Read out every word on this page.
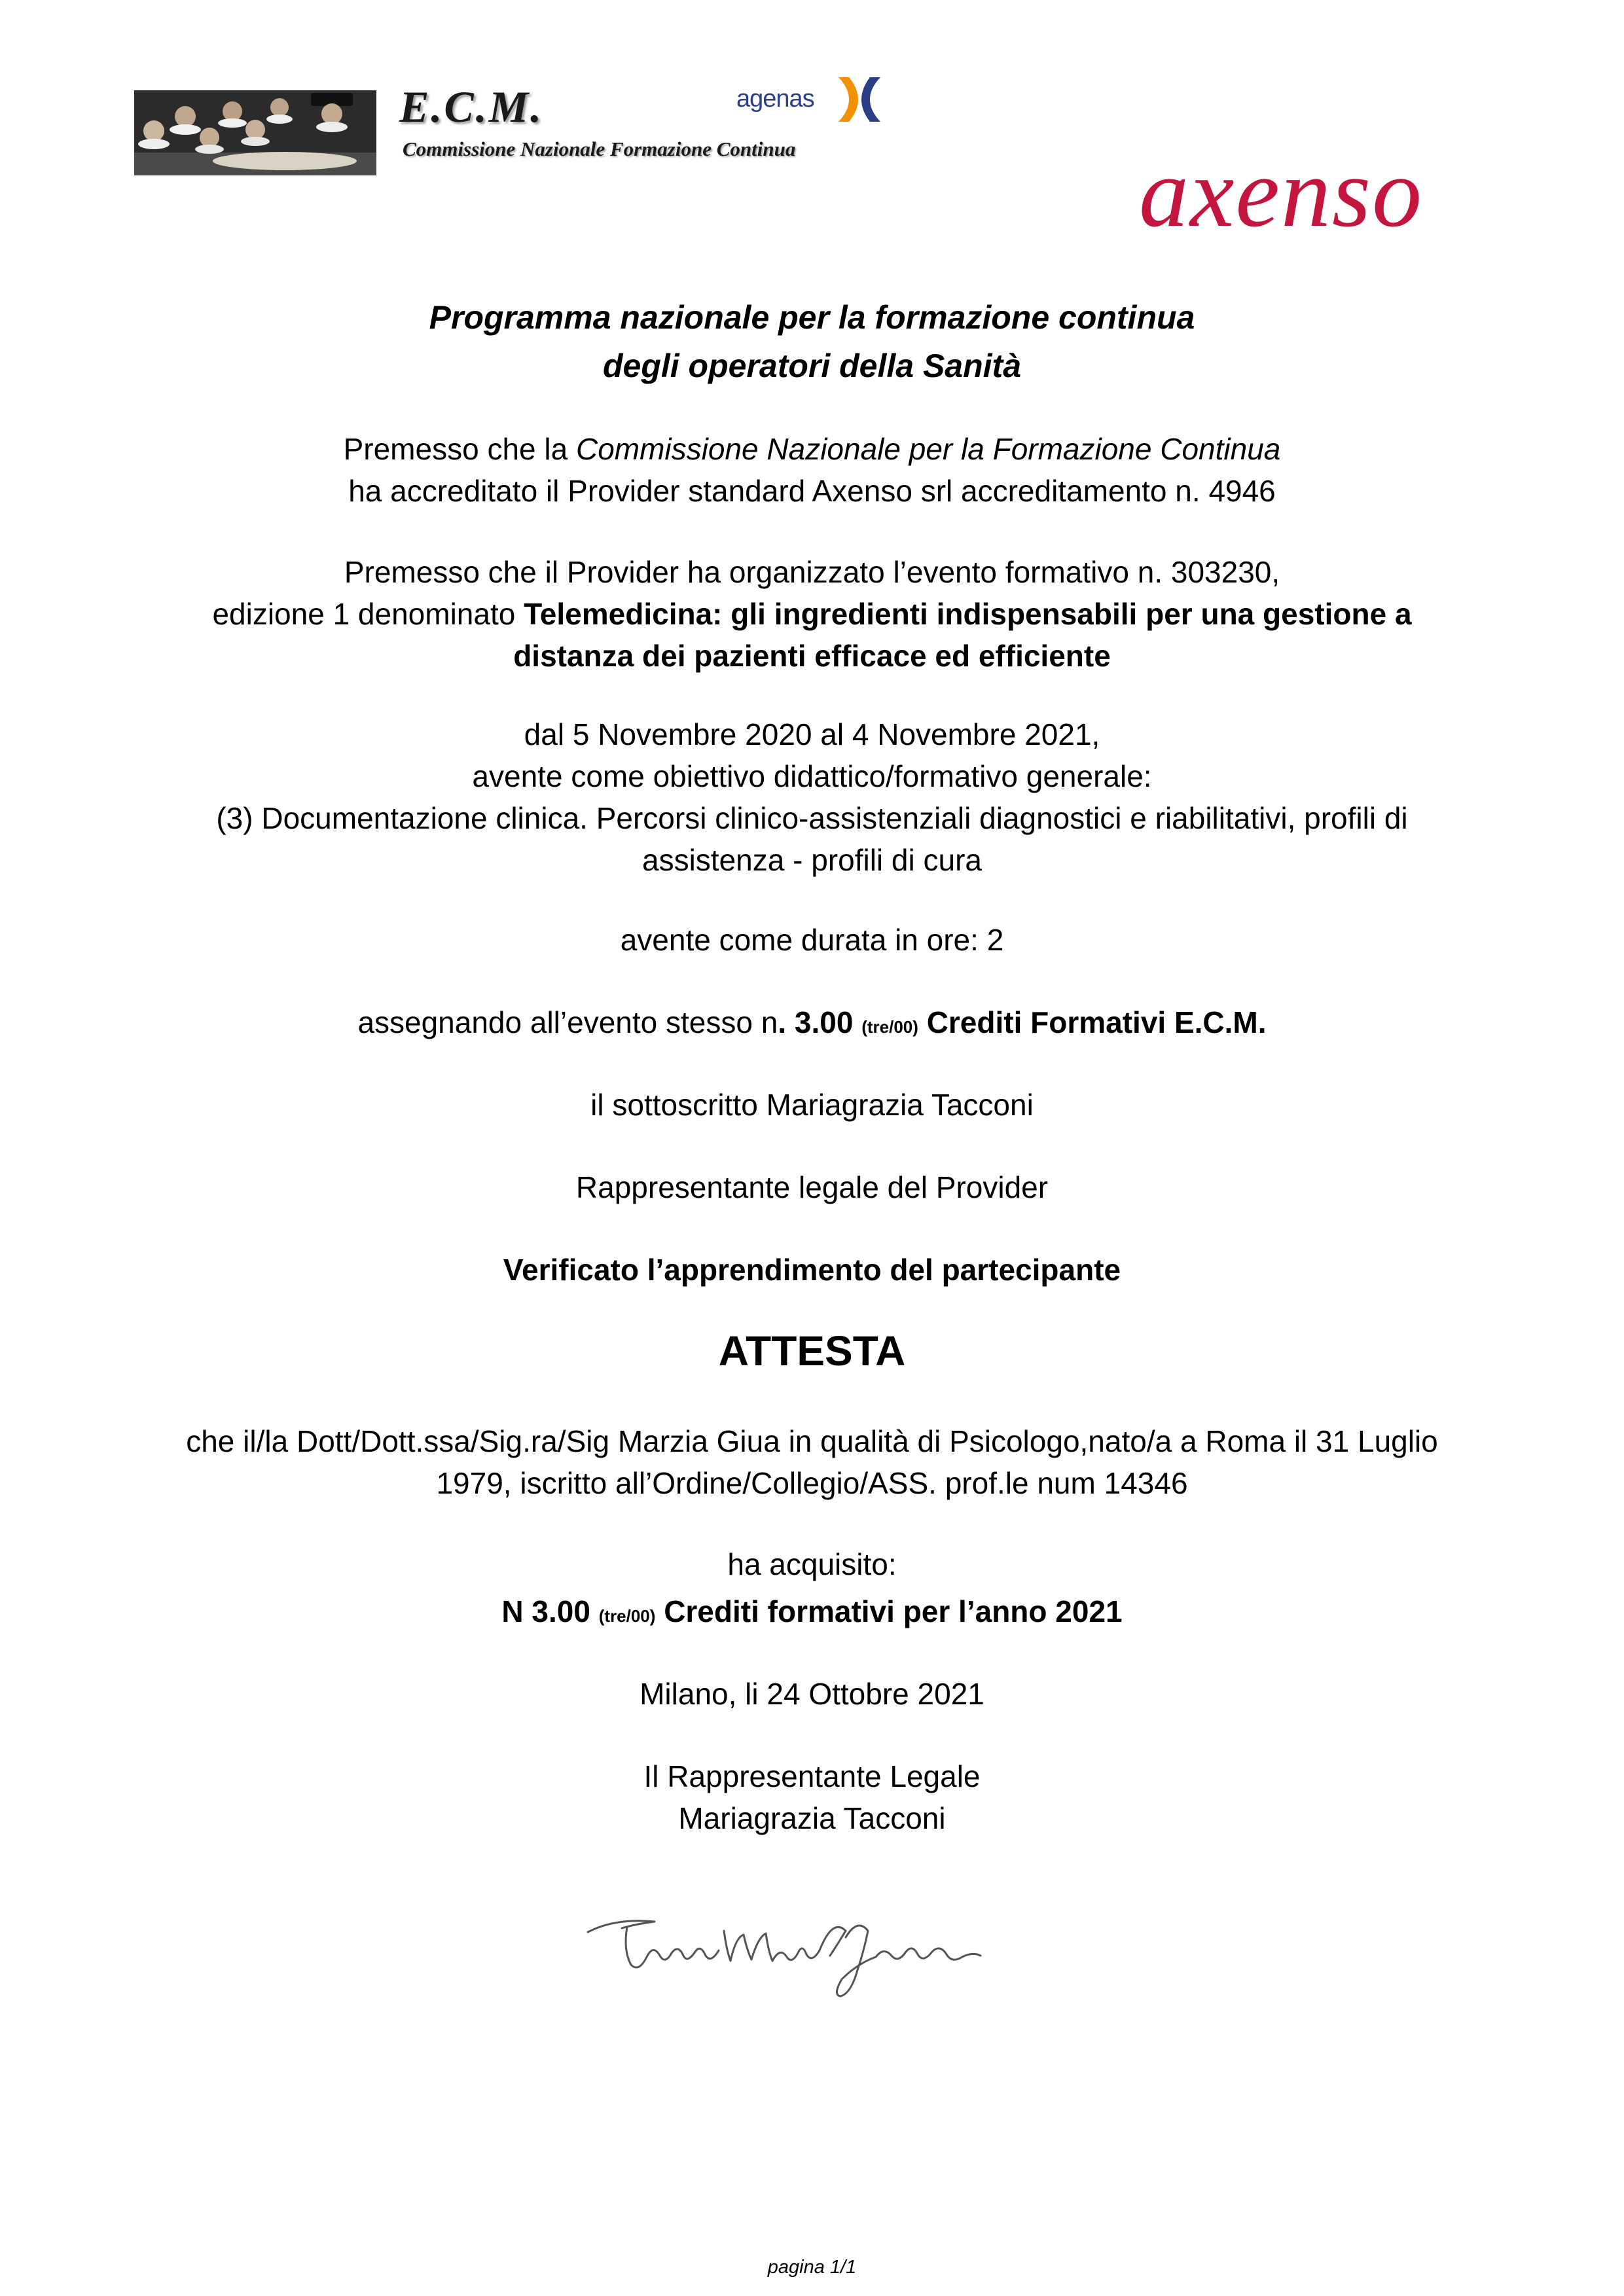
E.C.M.

Commissione Nazionale Formazione Continua

agenas

axenso

Programma nazionale per la formazione continua
degli operatori della Sanità

Premesso che la Commissione Nazionale per la Formazione Continua
ha accreditato il Provider standard Axenso srl accreditamento n. 4946

Premesso che il Provider ha organizzato l’evento formativo n. 303230,
edizione 1 denominato Telemedicina: gli ingredienti indispensabili per una gestione a
distanza dei pazienti efficace ed efficiente

dal 5 Novembre 2020 al 4 Novembre 2021,
avente come obiettivo didattico/formativo generale:
(3) Documentazione clinica. Percorsi clinico-assistenziali diagnostici e riabilitativi, profili di
assistenza - profili di cura

avente come durata in ore: 2

assegnando all’evento stesso n. 3.00 (tre/00) Crediti Formativi E.C.M.

il sottoscritto Mariagrazia Tacconi

Rappresentante legale del Provider

Verificato l’apprendimento del partecipante

ATTESTA

che il/la Dott/Dott.ssa/Sig.ra/Sig Marzia Giua in qualità di Psicologo,nato/a a Roma il 31 Luglio
1979, iscritto all’Ordine/Collegio/ASS. prof.le num 14346

ha acquisito:

N 3.00 (tre/00) Crediti formativi per l’anno 2021

Milano, li 24 Ottobre 2021

Il Rappresentante Legale
Mariagrazia Tacconi

pagina 1/1
